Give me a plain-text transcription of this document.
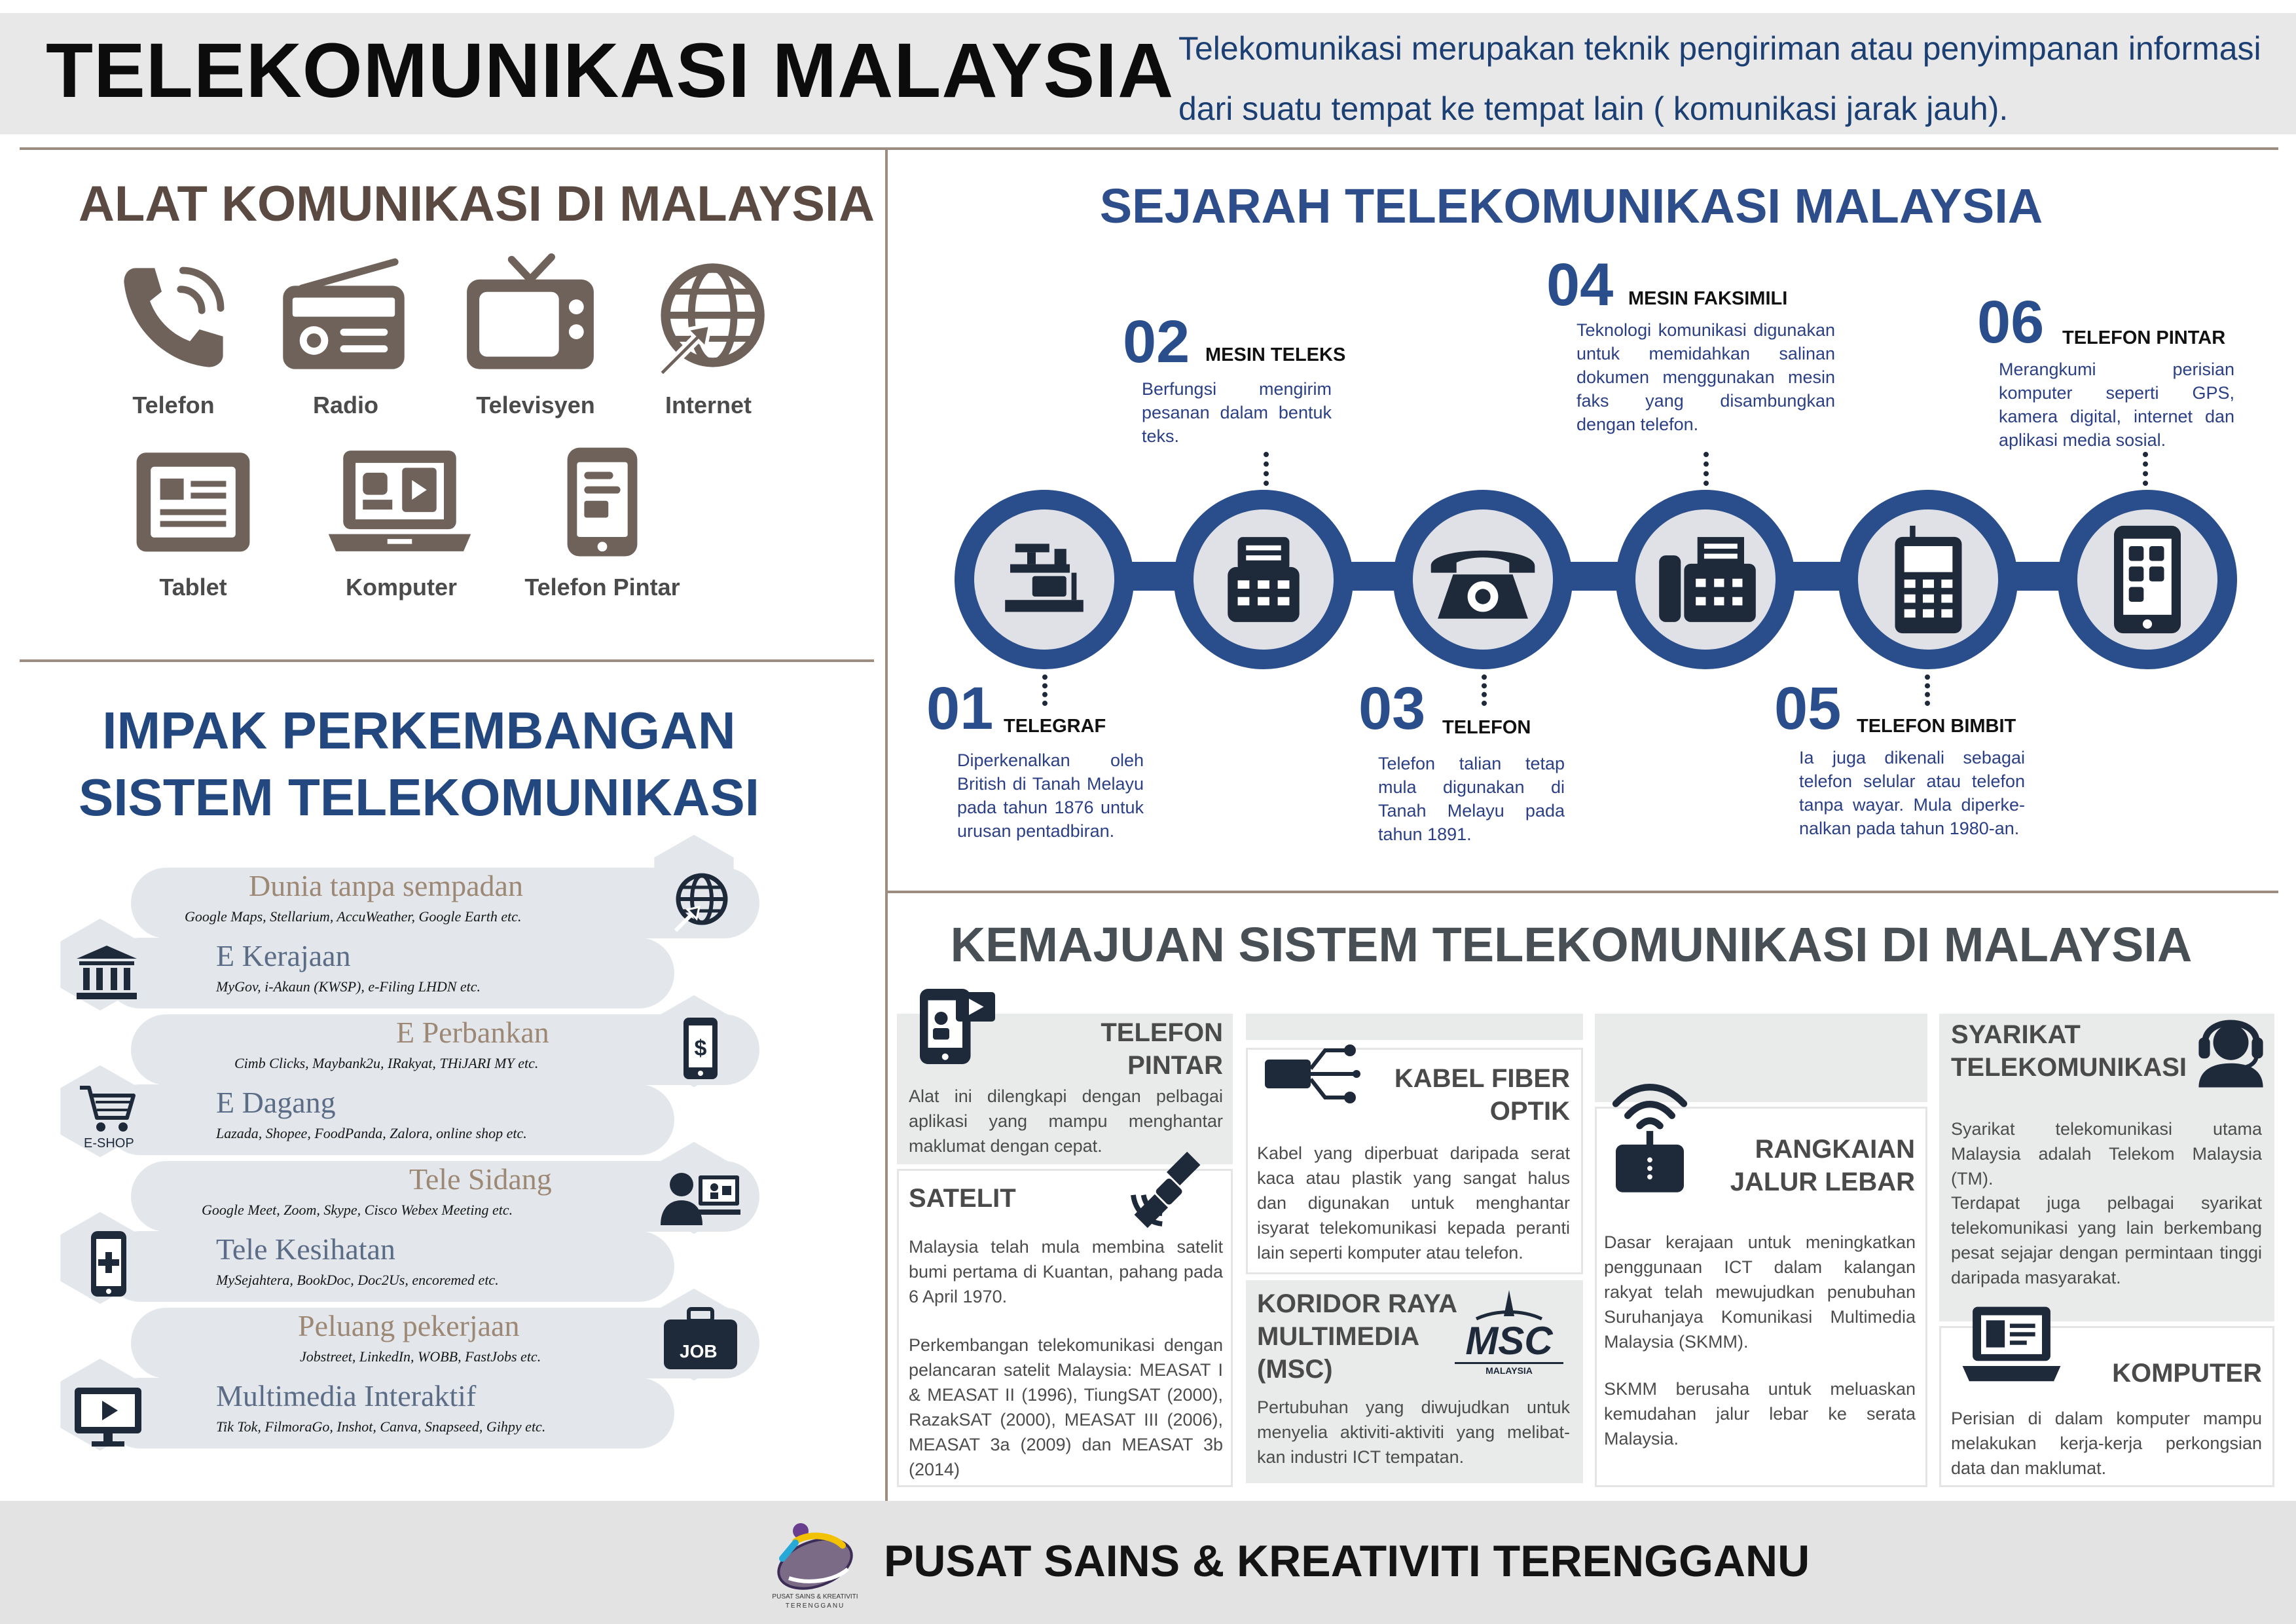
TELEKOMUNIKASI MALAYSIA Telekomunikasi merupakan teknik pengiriman atau penyimpanan informasi dari suatu tempat ke tempat lain ( komunikasi jarak jauh).
ALAT KOMUNIKASI DI MALAYSIA
Telefon	Radio	Televisyen	Internet
Tablet	Komputer	Telefon Pintar
IMPAK PERKEMBANGAN SISTEM TELEKOMUNIKASI
Dunia tanpa sempadan
Google Maps, Stellarium, AccuWeather, Google Earth etc.
E Kerajaan
MyGov, i-Akaun (KWSP), e-Filing LHDN etc.
$
E Perbankan
Cimb Clicks, Maybank2u, IRakyat, THiJARI MY etc.
E-SHOP
E Dagang
Lazada, Shopee, FoodPanda, Zalora, online shop etc.
Tele Sidang
Google Meet, Zoom, Skype, Cisco Webex Meeting etc.
Tele Kesihatan
MySejahtera, BookDoc, Doc2Us, encoremed etc.
JOB
Peluang pekerjaan
Jobstreet, LinkedIn, WOBB, FastJobs etc.
Multimedia Interaktif
Tik Tok, FilmoraGo, Inshot, Canva, Snapseed, Gihpy etc.
SEJARAH TELEKOMUNIKASI MALAYSIA
01 TELEGRAF
Diperkenalkan oleh British di Tanah Melayu pada tahun 1876 untuk urusan pentadbiran.
02 MESIN TELEKS
Berfungsi mengirim pesanan dalam bentuk teks.
03 TELEFON
Telefon talian tetap mula digunakan di Tanah Melayu pada tahun 1891.
04 MESIN FAKSIMILI
Teknologi komunikasi digunakan untuk memidahkan salinan dokumen menggunakan mesin faks yang disambungkan dengan telefon.
05 TELEFON BIMBIT
Ia juga dikenali sebagai telefon selular atau telefon tanpa wayar. Mula diperke-nalkan pada tahun 1980-an.
06 TELEFON PINTAR
Merangkumi perisian komputer seperti GPS, kamera digital, internet dan aplikasi media sosial.
KEMAJUAN SISTEM TELEKOMUNIKASI DI MALAYSIA
TELEFON PINTAR
Alat ini dilengkapi dengan pelbagai aplikasi yang mampu menghantar maklumat dengan cepat.
SATELIT
Malaysia telah mula membina satelit bumi pertama di Kuantan, pahang pada 6 April 1970.
Perkembangan telekomunikasi dengan pelancaran satelit Malaysia: MEASAT I & MEASAT II (1996), TiungSAT (2000), RazakSAT (2000), MEASAT III (2006), MEASAT 3a (2009) dan MEASAT 3b (2014)
KABEL FIBER OPTIK
Kabel yang diperbuat daripada serat kaca atau plastik yang sangat halus dan digunakan untuk menghantar isyarat telekomunikasi kepada peranti lain seperti komputer atau telefon.
KORIDOR RAYA MULTIMEDIA (MSC)
MSC
MALAYSIA
Pertubuhan yang diwujudkan untuk menyelia aktiviti-aktiviti yang melibat-kan industri ICT tempatan.
RANGKAIAN JALUR LEBAR
Dasar kerajaan untuk meningkatkan penggunaan ICT dalam kalangan rakyat telah mewujudkan penubuhan Suruhanjaya Komunikasi Multimedia Malaysia (SKMM).
SKMM berusaha untuk meluaskan kemudahan jalur lebar ke serata Malaysia.
SYARIKAT TELEKOMUNIKASI
Syarikat telekomunikasi utama Malaysia adalah Telekom Malaysia (TM).
Terdapat juga pelbagai syarikat telekomunikasi yang lain berkembang pesat sejajar dengan permintaan tinggi daripada masyarakat.
KOMPUTER
Perisian di dalam komputer mampu melakukan kerja-kerja perkongsian data dan maklumat.
PUSAT SAINS & KREATIVITI
TERENGGANU
PUSAT SAINS & KREATIVITI TERENGGANU
